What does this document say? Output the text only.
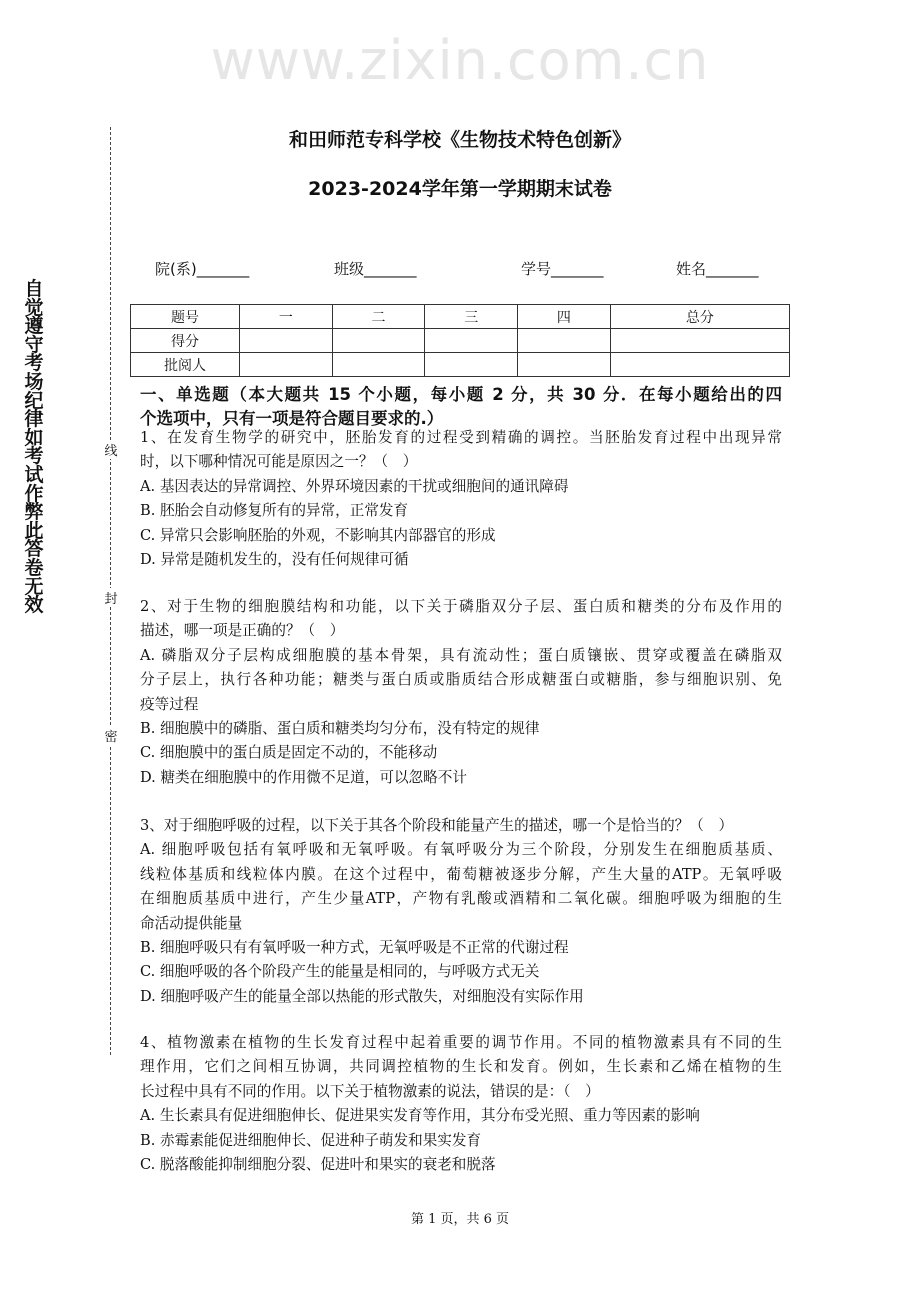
线
封
密
自觉遵守考场纪律如考试作弊此答卷无效
www.zixin.com.cn
和田师范专科学校《生物技术特色创新》
2023-2024学年第一学期期末试卷
院(系)_______	班级_______	学号_______	姓名_______
题号	一	二	三	四	总分
得分					
批阅人					
一、单选题（本大题共 15 个小题，每小题 2 分，共 30 分．在每小题给出的四
个选项中，只有一项是符合题目要求的.）
1、在发育生物学的研究中，胚胎发育的过程受到精确的调控。当胚胎发育过程中出现异常
时，以下哪种情况可能是原因之一？（　）
A. 基因表达的异常调控、外界环境因素的干扰或细胞间的通讯障碍
B. 胚胎会自动修复所有的异常，正常发育
C. 异常只会影响胚胎的外观，不影响其内部器官的形成
D. 异常是随机发生的，没有任何规律可循
2、对于生物的细胞膜结构和功能，以下关于磷脂双分子层、蛋白质和糖类的分布及作用的
描述，哪一项是正确的？（　）
A. 磷脂双分子层构成细胞膜的基本骨架，具有流动性；蛋白质镶嵌、贯穿或覆盖在磷脂双
分子层上，执行各种功能；糖类与蛋白质或脂质结合形成糖蛋白或糖脂，参与细胞识别、免
疫等过程
B. 细胞膜中的磷脂、蛋白质和糖类均匀分布，没有特定的规律
C. 细胞膜中的蛋白质是固定不动的，不能移动
D. 糖类在细胞膜中的作用微不足道，可以忽略不计
3、对于细胞呼吸的过程，以下关于其各个阶段和能量产生的描述，哪一个是恰当的？（　）
A. 细胞呼吸包括有氧呼吸和无氧呼吸。有氧呼吸分为三个阶段，分别发生在细胞质基质、
线粒体基质和线粒体内膜。在这个过程中，葡萄糖被逐步分解，产生大量的ATP。无氧呼吸
在细胞质基质中进行，产生少量ATP，产物有乳酸或酒精和二氧化碳。细胞呼吸为细胞的生
命活动提供能量
B. 细胞呼吸只有有氧呼吸一种方式，无氧呼吸是不正常的代谢过程
C. 细胞呼吸的各个阶段产生的能量是相同的，与呼吸方式无关
D. 细胞呼吸产生的能量全部以热能的形式散失，对细胞没有实际作用
4、植物激素在植物的生长发育过程中起着重要的调节作用。不同的植物激素具有不同的生
理作用，它们之间相互协调，共同调控植物的生长和发育。例如，生长素和乙烯在植物的生
长过程中具有不同的作用。以下关于植物激素的说法，错误的是：（　）
A. 生长素具有促进细胞伸长、促进果实发育等作用，其分布受光照、重力等因素的影响
B. 赤霉素能促进细胞伸长、促进种子萌发和果实发育
C. 脱落酸能抑制细胞分裂、促进叶和果实的衰老和脱落
第 1 页，共 6 页
